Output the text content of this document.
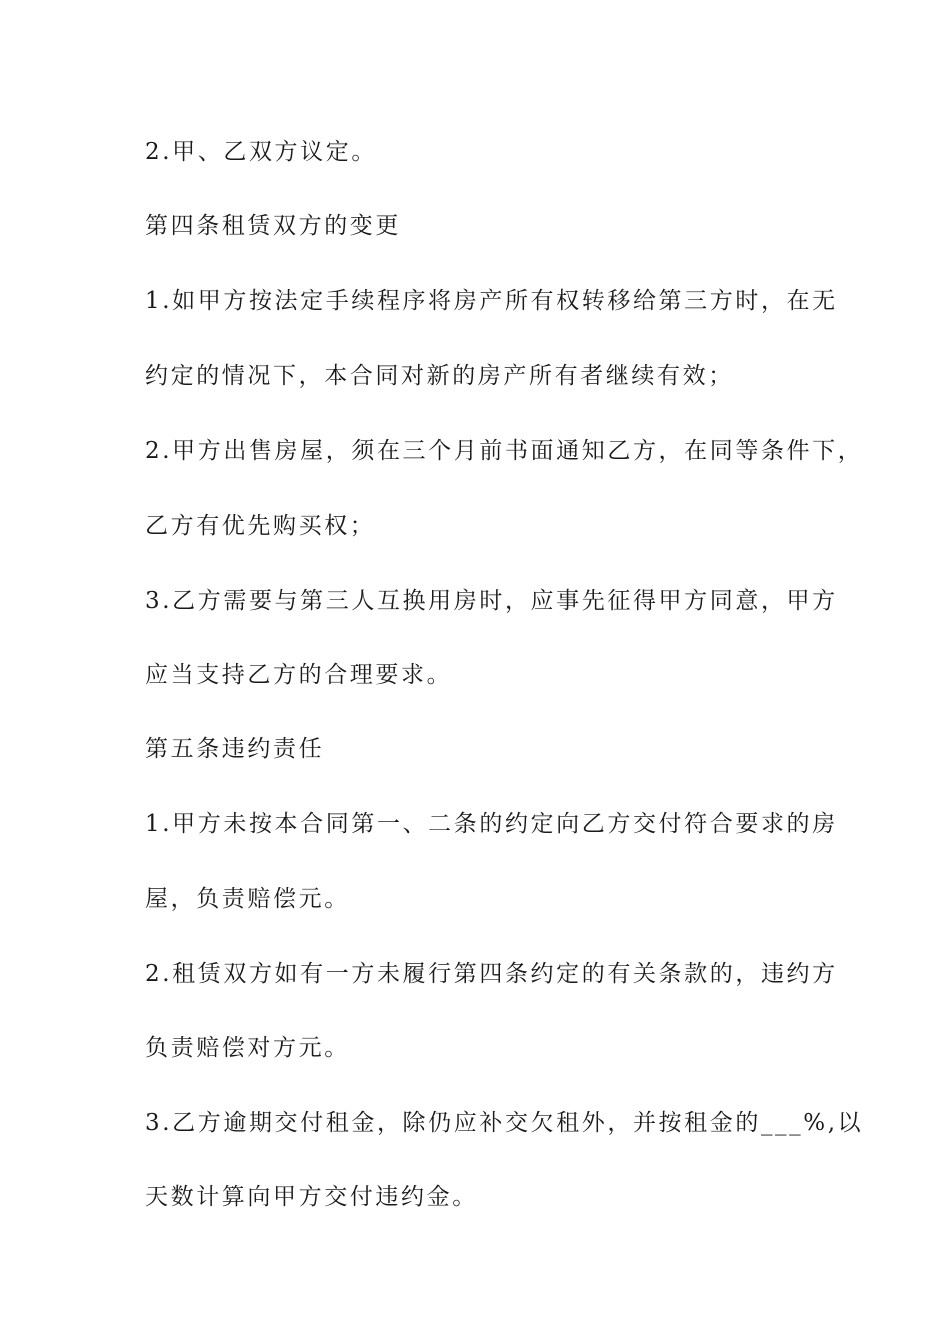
2.甲、乙双方议定。
第四条租赁双方的变更
1.如甲方按法定手续程序将房产所有权转移给第三方时，在无
约定的情况下，本合同对新的房产所有者继续有效；
2.甲方出售房屋，须在三个月前书面通知乙方，在同等条件下，
乙方有优先购买权；
3.乙方需要与第三人互换用房时，应事先征得甲方同意，甲方
应当支持乙方的合理要求。
第五条违约责任
1.甲方未按本合同第一、二条的约定向乙方交付符合要求的房
屋，负责赔偿元。
2.租赁双方如有一方未履行第四条约定的有关条款的，违约方
负责赔偿对方元。
3.乙方逾期交付租金，除仍应补交欠租外，并按租金的___%,以
天数计算向甲方交付违约金。
